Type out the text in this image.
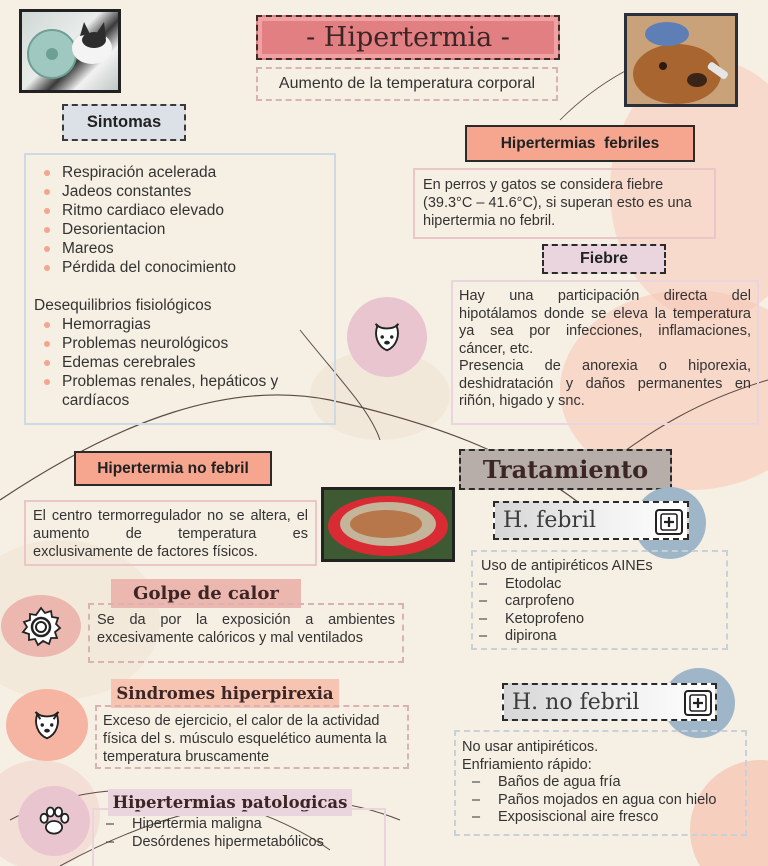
- Hipertermia -
Aumento de la temperatura corporal
Sintomas
Respiración acelerada
Jadeos constantes
Ritmo cardiaco elevado
Desorientacion
Mareos
Pérdida del conocimiento
Desequilibrios fisiológicos
Hemorragias
Problemas neurológicos
Edemas cerebrales
Problemas renales, hepáticos y cardíacos
Hipertermias  febriles
En perros y gatos se considera fiebre (39.3°C – 41.6°C), si superan esto es una hipertermia no febril.
Fiebre
Hay una participación directa del hipotálamos donde se eleva la temperatura ya sea por infecciones, inflamaciones, cáncer, etc.
Presencia de anorexia o hiporexia, deshidratación y daños permanentes en riñón, higado y snc.
Hipertermia no febril
El centro termorregulador no se altera, el aumento de temperatura es exclusivamente de factores físicos.
Golpe de calor
Se da por la exposición a ambientes excesivamente calóricos y mal ventilados
Sindromes hiperpirexia
Exceso de ejercicio, el calor de la actividad física del s. músculo esquelético aumenta la temperatura bruscamente
Hipertermias patologicas
– Hipertermia maligna
– Desórdenes hipermetabólicos
Tratamiento
H. febril
Uso de antipiréticos AINEs
– Etodolac
– carprofeno
– Ketoprofeno
– dipirona
H. no febril
No usar antipiréticos.
Enfriamiento rápido:
– Baños de agua fría
– Paños mojados en agua con hielo
– Exposiscional aire fresco
